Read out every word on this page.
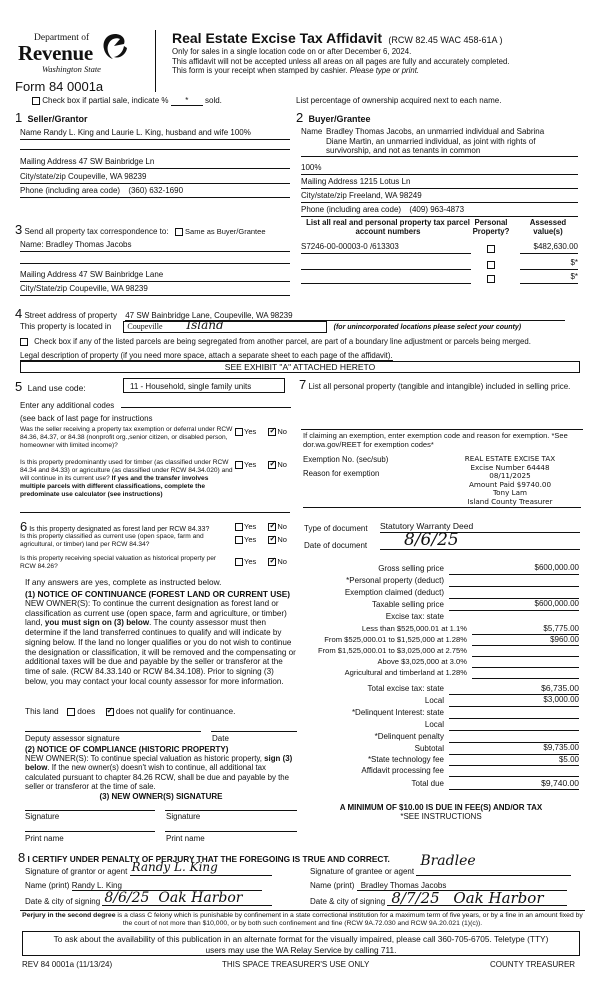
Department of
Revenue
Washington State
Form 84 0001a
Real Estate Excise Tax Affidavit (RCW 82.45 WAC 458-61A )
Only for sales in a single location code on or after December 6, 2024.
This affidavit will not be accepted unless all areas on all pages are fully and accurately completed.
This form is your receipt when stamped by cashier. Please type or print.
Check box if partial sale, indicate % * sold.	List percentage of ownership acquired next to each name.
1 Seller/Grantor
Name Randy L. King and Laurie L. King, husband and wife 100%
Mailing Address 47 SW Bainbridge Ln
City/state/zip Coupeville, WA 98239
Phone (including area code) (360) 632-1690
2 Buyer/Grantee
Name Bradley Thomas Jacobs, an unmarried individual and Sabrina
Diane Martin, an unmarried individual, as joint with rights of
survivorship, and not as tenants in common
100%
Mailing Address 1215 Lotus Ln
City/state/zip Freeland, WA 98249
Phone (including area code) (409) 963-4873
3 Send all property tax correspondence to: Same as Buyer/Grantee
Name: Bradley Thomas Jacobs
Mailing Address 47 SW Bainbridge Lane
City/State/zip Coupeville, WA 98239
List all real and personal property tax parcel account numbers
Personal Property?
Assessed value(s)
S7246-00-00003-0 /613303	$482,630.00
$*
$*
4 Street address of property 47 SW Bainbridge Lane, Coupeville, WA 98239
This property is located in Coupeville Island	(for unincorporated locations please select your county)
Check box if any of the listed parcels are being segregated from another parcel, are part of a boundary line adjustment or parcels being merged.
Legal description of property (if you need more space, attach a separate sheet to each page of the affidavit).
SEE EXHIBIT "A" ATTACHED HERETO
5 Land use code:	11 - Household, single family units
Enter any additional codes
(see back of last page for instructions
Was the seller receiving a property tax exemption or deferral under RCW 84.36, 84.37, or 84.38 (nonprofit org.,senior citizen, or disabled person, homeowner with limited income)?
Yes ✓	No
Is this property predominantly used for timber (as classified under RCW 84.34 and 84.33) or agriculture (as classified under RCW 84.34.020) and will continue in its current use? If yes and the transfer involves multiple parcels with different classifications, complete the predominate use calculator (see instructions)
Yes ✓	No
7 List all personal property (tangible and intangible) included in selling price.
If claiming an exemption, enter exemption code and reason for exemption. *See dor.wa.gov/REET for exemption codes*
Exemption No. (sec/sub)
Reason for exemption
REAL ESTATE EXCISE TAX
Excise Number 64448
08/11/2025
Amount Paid $9740.00
Tony Lam
Island County Treasurer
6 Is this property designated as forest land per RCW 84.33?	Yes ✓	No
Is this property classified as current use (open space, farm and agricultural, or timber) land per RCW 84.34?
Yes ✓	No
Is this property receiving special valuation as historical property per RCW 84.26?
Yes ✓	No
If any answers are yes, complete as instructed below.
(1) NOTICE OF CONTINUANCE (FOREST LAND OR CURRENT USE)
NEW OWNER(S): To continue the current designation as forest land or classification as current use (open space, farm and agriculture, or timber) land, you must sign on (3) below. The county assessor must then determine if the land transferred continues to qualify and will indicate by signing below. If the land no longer qualifies or you do not wish to continue the designation or classification, it will be removed and the compensating or additional taxes will be due and payable by the seller or transferor at the time of sale. (RCW 84.33.140 or RCW 84.34.108). Prior to signing (3) below, you may contact your local county assessor for more information.
This land does ✓ does not qualify for continuance.
Deputy assessor signature	Date
(2) NOTICE OF COMPLIANCE (HISTORIC PROPERTY)
NEW OWNER(S): To continue special valuation as historic property, sign (3) below. If the new owner(s) doesn't wish to continue, all additional tax calculated pursuant to chapter 84.26 RCW, shall be due and payable by the seller or transferor at the time of sale.
(3) NEW OWNER(S) SIGNATURE
Signature	Signature
Print name	Print name
Type of document Statutory Warranty Deed
Date of document 8/6/25
Gross selling price	$600,000.00
*Personal property (deduct)
Exemption claimed (deduct)
Taxable selling price	$600,000.00
Excise tax: state
Less than $525,000.01 at 1.1%	$5,775.00
From $525,000.01 to $1,525,000 at 1.28%	$960.00
From $1,525,000.01 to $3,025,000 at 2.75%
Above $3,025,000 at 3.0%
Agricultural and timberland at 1.28%
Total excise tax: state	$6,735.00
Local	$3,000.00
*Delinquent Interest: state
Local
*Delinquent penalty
Subtotal	$9,735.00
*State technology fee	$5.00
Affidavit processing fee
Total due	$9,740.00
A MINIMUM OF $10.00 IS DUE IN FEE(S) AND/OR TAX
*SEE INSTRUCTIONS
8 I CERTIFY UNDER PENALTY OF PERJURY THAT THE FOREGOING IS TRUE AND CORRECT.
Signature of grantor or agent Randy L. King
Name (print) Randy L. King
Date & city of signing 8/6/25 Oak Harbor
Signature of grantee or agent
Bradlee
Name (print) Bradley Thomas Jacobs
Date & city of signing 8/7/25 Oak Harbor
Perjury in the second degree is a class C felony which is punishable by confinement in a state correctional institution for a maximum term of five years, or by a fine in an amount fixed by the court of not more than $10,000, or by both such confinement and fine (RCW 9A.72.030 and RCW 9A.20.021 (1)(c)).
To ask about the availability of this publication in an alternate format for the visually impaired, please call 360-705-6705. Teletype (TTY) users may use the WA Relay Service by calling 711.
REV 84 0001a (11/13/24)	THIS SPACE TREASURER'S USE ONLY	COUNTY TREASURER
